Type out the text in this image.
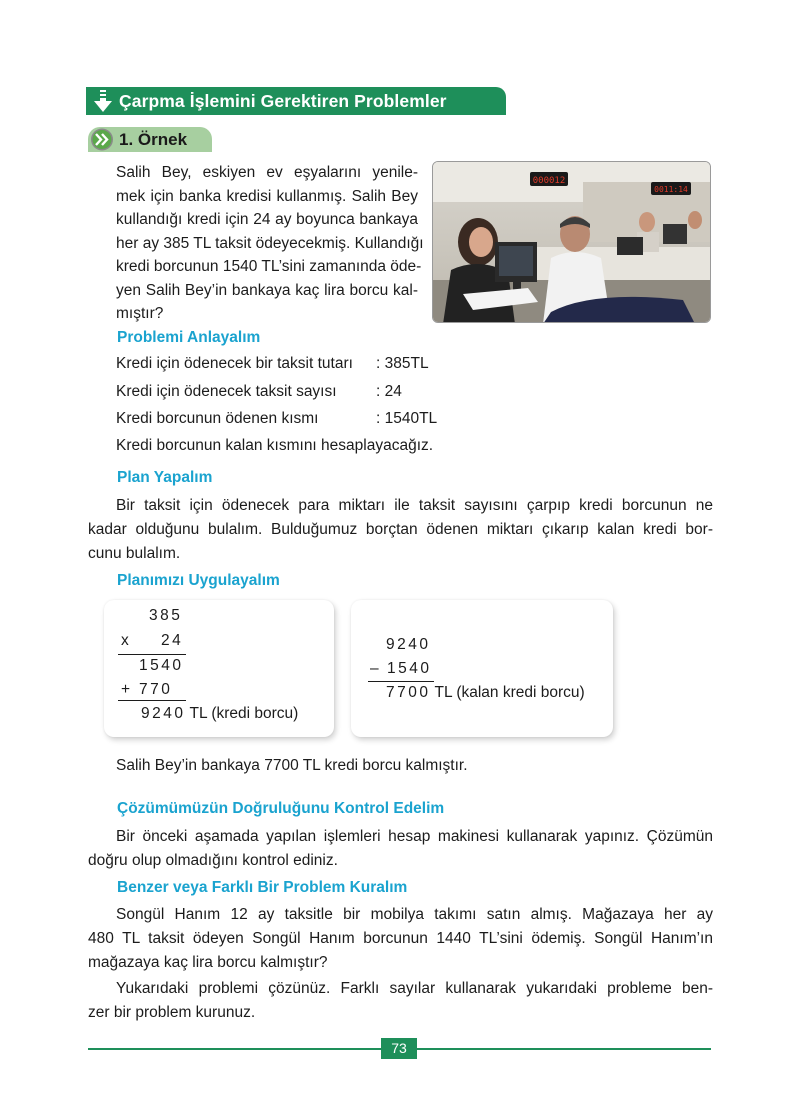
Çarpma İşlemini Gerektiren Problemler
1. Örnek
Salih Bey, eskiyen ev eşyalarını yenile-
mek için banka kredisi kullanmış. Salih Bey
kullandığı kredi için 24 ay boyunca bankaya
her ay 385 TL taksit ödeyecekmiş. Kullandığı
kredi borcunun 1540 TL’sini zamanında öde-
yen Salih Bey’in bankaya kaç lira borcu kal-
mıştır?
000012
0011:14
Problemi Anlayalım
Kredi için ödenecek bir taksit tutarı : 385TL
Kredi için ödenecek taksit sayısı	: 24
Kredi borcunun ödenen kısmı	: 1540TL
Kredi borcunun kalan kısmını hesaplayacağız.
Plan Yapalım
Bir taksit için ödenecek para miktarı ile taksit sayısını çarpıp kredi borcunun ne
kadar olduğunu bulalım. Bulduğumuz borçtan ödenen miktarı çıkarıp kalan kredi bor-
cunu bulalım.
Planımızı Uygulayalım
385
x 24
1540
+ 770
9240 TL (kredi borcu)
9240
– 1540
7700 TL (kalan kredi borcu)
Salih Bey’in bankaya 7700 TL kredi borcu kalmıştır.
Çözümümüzün Doğruluğunu Kontrol Edelim
Bir önceki aşamada yapılan işlemleri hesap makinesi kullanarak yapınız. Çözümün
doğru olup olmadığını kontrol ediniz.
Benzer veya Farklı Bir Problem Kuralım
Songül Hanım 12 ay taksitle bir mobilya takımı satın almış. Mağazaya her ay
480 TL taksit ödeyen Songül Hanım borcunun 1440 TL’sini ödemiş. Songül Hanım’ın
mağazaya kaç lira borcu kalmıştır?
Yukarıdaki problemi çözünüz. Farklı sayılar kullanarak yukarıdaki probleme ben-
zer bir problem kurunuz.
73
